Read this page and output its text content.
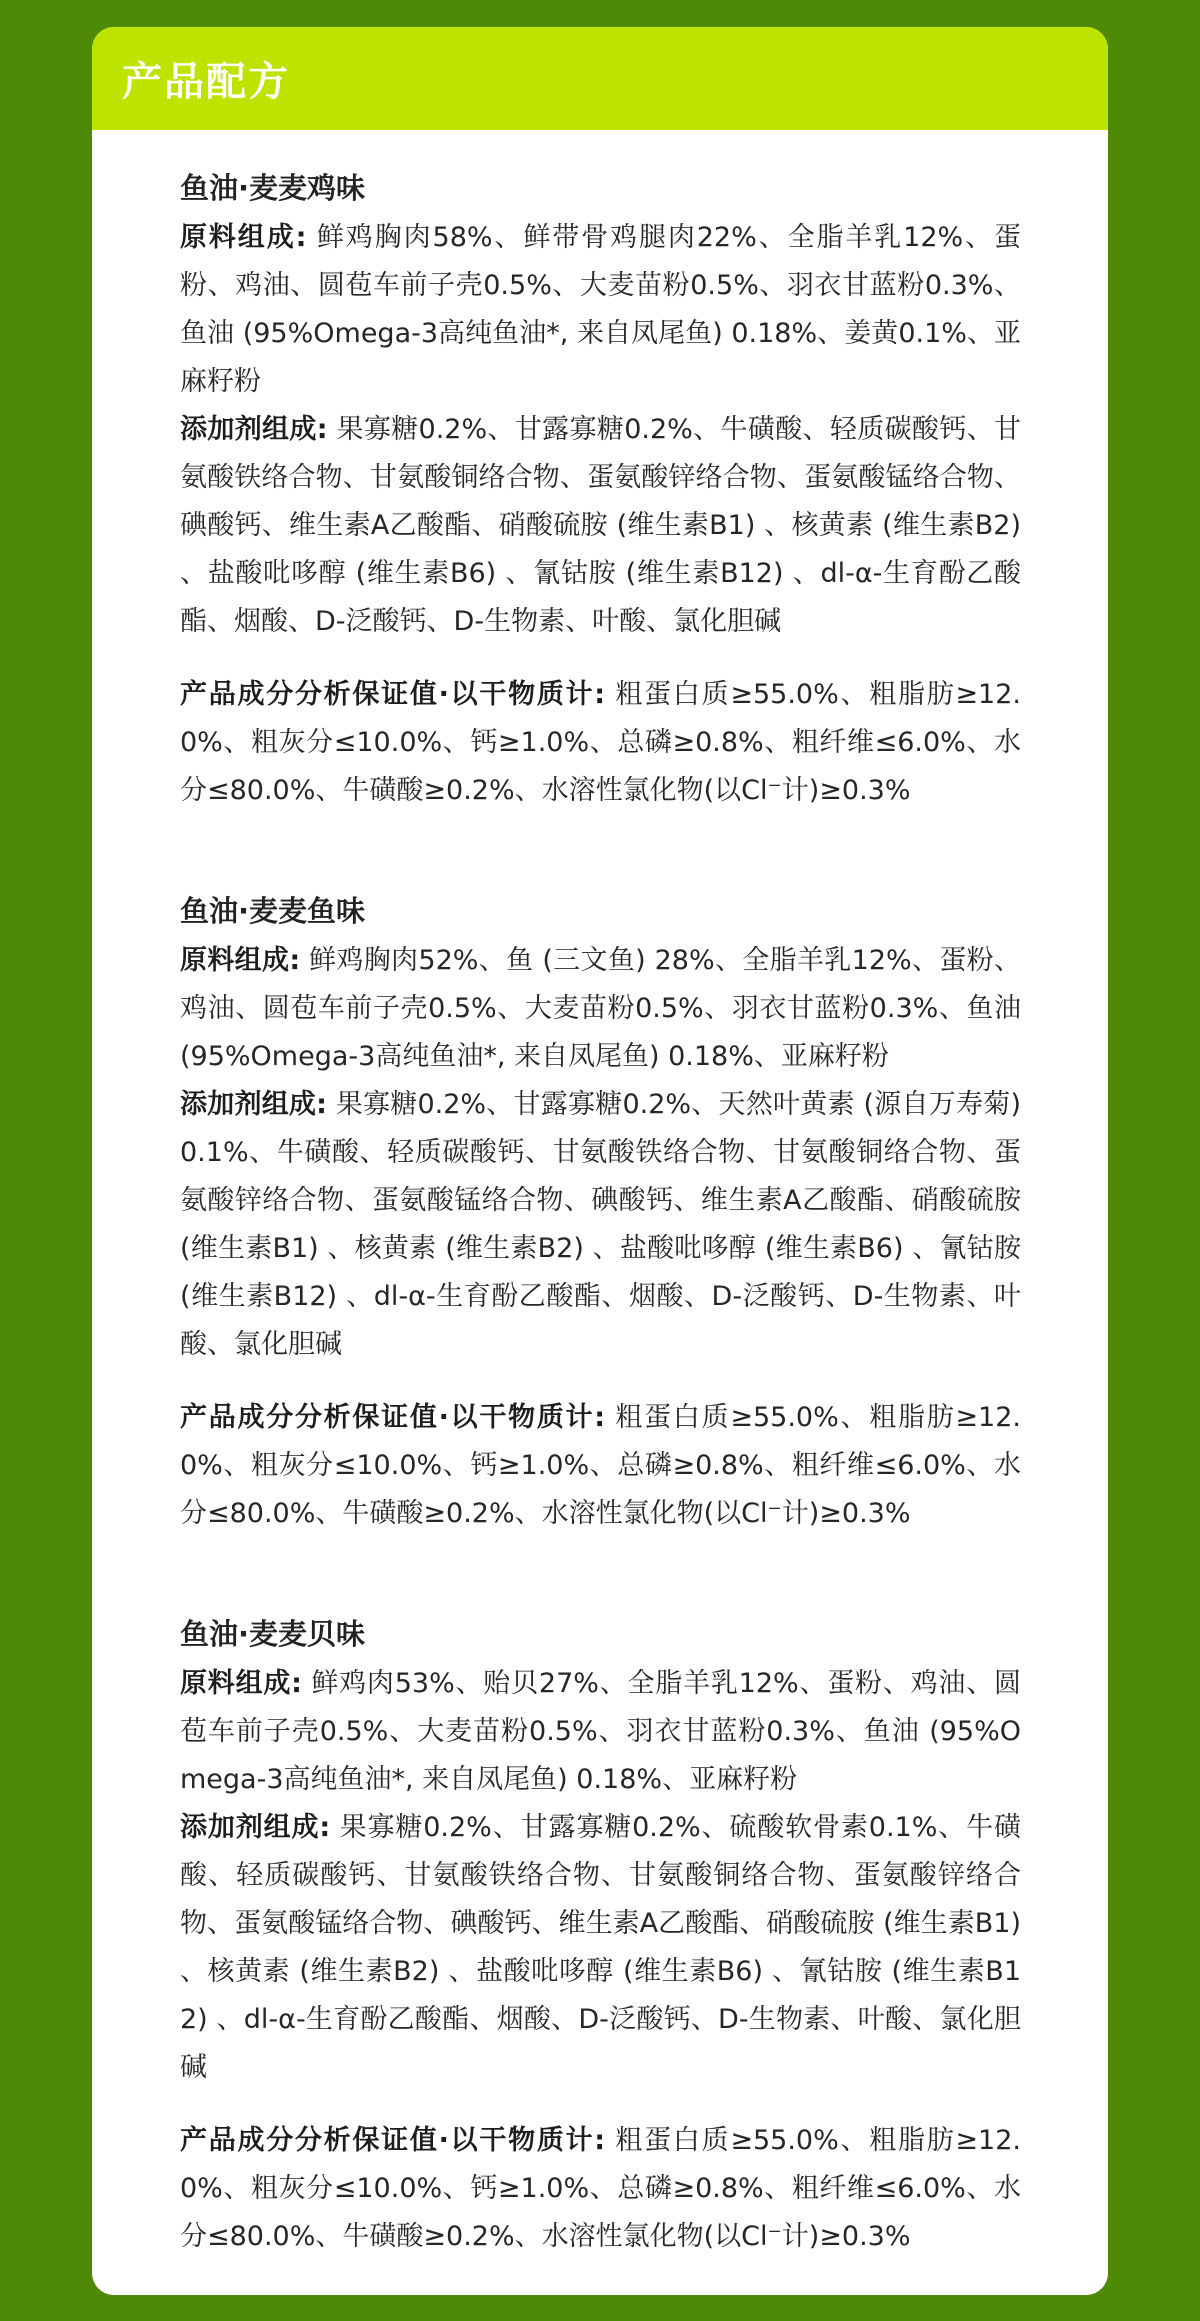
产品配方
鱼油·麦麦鸡味

原料组成: 鲜鸡胸肉58%、鲜带骨鸡腿肉22%、全脂羊乳12%、蛋粉、鸡油、圆苞车前子壳0.5%、大麦苗粉0.5%、羽衣甘蓝粉0.3%、鱼油 (95%Omega-3高纯鱼油*, 来自凤尾鱼) 0.18%、姜黄0.1%、亚麻籽粉

添加剂组成: 果寡糖0.2%、甘露寡糖0.2%、牛磺酸、轻质碳酸钙、甘氨酸铁络合物、甘氨酸铜络合物、蛋氨酸锌络合物、蛋氨酸锰络合物、碘酸钙、维生素A乙酸酯、硝酸硫胺 (维生素B1) 、核黄素 (维生素B2) 、盐酸吡哆醇 (维生素B6) 、氰钴胺 (维生素B12) 、dl-α-生育酚乙酸酯、烟酸、D-泛酸钙、D-生物素、叶酸、氯化胆碱

产品成分分析保证值·以干物质计: 粗蛋白质≥55.0%、粗脂肪≥12.0%、粗灰分≤10.0%、钙≥1.0%、总磷≥0.8%、粗纤维≤6.0%、水分≤80.0%、牛磺酸≥0.2%、水溶性氯化物(以Cl⁻计)≥0.3%

鱼油·麦麦鱼味

原料组成: 鲜鸡胸肉52%、鱼 (三文鱼) 28%、全脂羊乳12%、蛋粉、鸡油、圆苞车前子壳0.5%、大麦苗粉0.5%、羽衣甘蓝粉0.3%、鱼油 (95%Omega-3高纯鱼油*, 来自凤尾鱼) 0.18%、亚麻籽粉

添加剂组成: 果寡糖0.2%、甘露寡糖0.2%、天然叶黄素 (源自万寿菊) 0.1%、牛磺酸、轻质碳酸钙、甘氨酸铁络合物、甘氨酸铜络合物、蛋氨酸锌络合物、蛋氨酸锰络合物、碘酸钙、维生素A乙酸酯、硝酸硫胺 (维生素B1) 、核黄素 (维生素B2) 、盐酸吡哆醇 (维生素B6) 、氰钴胺 (维生素B12) 、dl-α-生育酚乙酸酯、烟酸、D-泛酸钙、D-生物素、叶酸、氯化胆碱

产品成分分析保证值·以干物质计: 粗蛋白质≥55.0%、粗脂肪≥12.0%、粗灰分≤10.0%、钙≥1.0%、总磷≥0.8%、粗纤维≤6.0%、水分≤80.0%、牛磺酸≥0.2%、水溶性氯化物(以Cl⁻计)≥0.3%

鱼油·麦麦贝味

原料组成: 鲜鸡肉53%、贻贝27%、全脂羊乳12%、蛋粉、鸡油、圆苞车前子壳0.5%、大麦苗粉0.5%、羽衣甘蓝粉0.3%、鱼油 (95%Omega-3高纯鱼油*, 来自凤尾鱼) 0.18%、亚麻籽粉

添加剂组成: 果寡糖0.2%、甘露寡糖0.2%、硫酸软骨素0.1%、牛磺酸、轻质碳酸钙、甘氨酸铁络合物、甘氨酸铜络合物、蛋氨酸锌络合物、蛋氨酸锰络合物、碘酸钙、维生素A乙酸酯、硝酸硫胺 (维生素B1) 、核黄素 (维生素B2) 、盐酸吡哆醇 (维生素B6) 、氰钴胺 (维生素B12) 、dl-α-生育酚乙酸酯、烟酸、D-泛酸钙、D-生物素、叶酸、氯化胆碱

产品成分分析保证值·以干物质计: 粗蛋白质≥55.0%、粗脂肪≥12.0%、粗灰分≤10.0%、钙≥1.0%、总磷≥0.8%、粗纤维≤6.0%、水分≤80.0%、牛磺酸≥0.2%、水溶性氯化物(以Cl⁻计)≥0.3%
